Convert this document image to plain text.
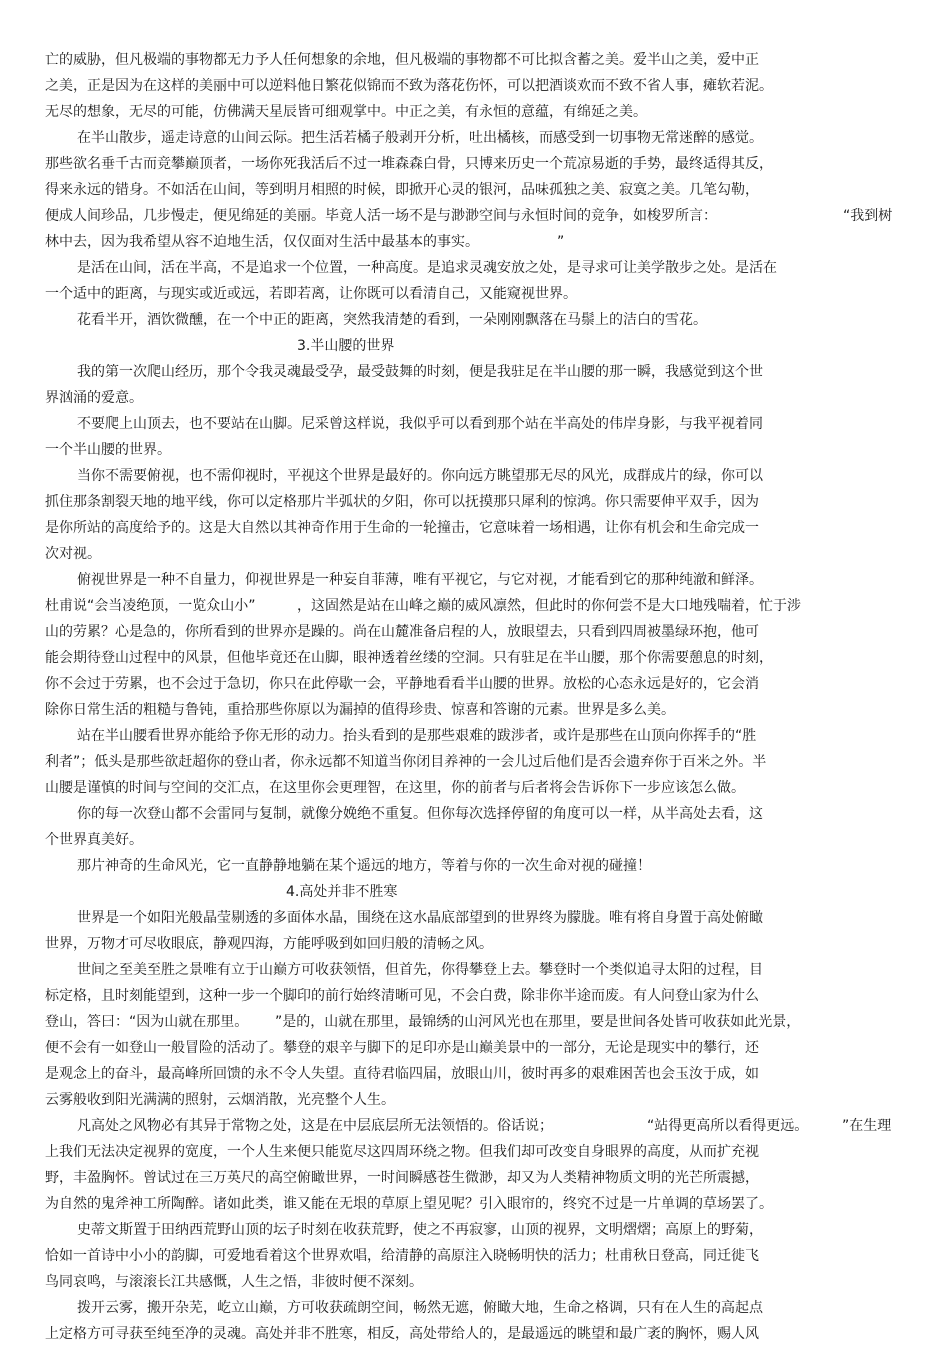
亡的威胁，但凡极端的事物都无力予人任何想象的余地，但凡极端的事物都不可比拟含蓄之美。爱半山之美，爱中正

之美，正是因为在这样的美丽中可以逆料他日繁花似锦而不致为落花伤怀，可以把酒谈欢而不致不省人事，瘫软若泥。

无尽的想象，无尽的可能，仿佛满天星辰皆可细观掌中。中正之美，有永恒的意蕴，有绵延之美。

在半山散步，遥走诗意的山间云际。把生活若橘子般剥开分析，吐出橘核，而感受到一切事物无常迷醉的感觉。

那些欲名垂千古而竞攀巅顶者，一场你死我活后不过一堆森森白骨，只博来历史一个荒凉易逝的手势，最终适得其反，

得来永远的错身。不如活在山间，等到明月相照的时候，即掀开心灵的银河，品味孤独之美、寂寞之美。几笔勾勒，

便成人间珍品，几步慢走，便见绵延的美丽。毕竟人活一场不是与渺渺空间与永恒时间的竞争，如梭罗所言：	“我到树

林中去，因为我希望从容不迫地生活，仅仅面对生活中最基本的事实。	”

是活在山间，活在半高，不是追求一个位置，一种高度。是追求灵魂安放之处，是寻求可让美学散步之处。是活在

一个适中的距离，与现实或近或远，若即若离，让你既可以看清自己，又能窥视世界。

花看半开，酒饮微醺，在一个中正的距离，突然我清楚的看到，一朵刚刚飘落在马鬃上的洁白的雪花。

3.半山腰的世界

我的第一次爬山经历，那个令我灵魂最受孕，最受鼓舞的时刻，便是我驻足在半山腰的那一瞬，我感觉到这个世

界汹涌的爱意。

不要爬上山顶去，也不要站在山脚。尼采曾这样说，我似乎可以看到那个站在半高处的伟岸身影，与我平视着同

一个半山腰的世界。

当你不需要俯视，也不需仰视时，平视这个世界是最好的。你向远方眺望那无尽的风光，成群成片的绿，你可以

抓住那条割裂天地的地平线，你可以定格那片半弧状的夕阳，你可以抚摸那只犀利的惊鸿。你只需要伸平双手，因为

是你所站的高度给予的。这是大自然以其神奇作用于生命的一轮撞击，它意味着一场相遇，让你有机会和生命完成一

次对视。

俯视世界是一种不自量力，仰视世界是一种妄自菲薄，唯有平视它，与它对视，才能看到它的那种纯澈和鲜泽。

杜甫说“会当凌绝顶，一览众山小”	，这固然是站在山峰之巅的威风凛然，但此时的你何尝不是大口地残喘着，忙于涉

山的劳累？心是急的，你所看到的世界亦是躁的。尚在山麓准备启程的人，放眼望去，只看到四周被墨绿环抱，他可

能会期待登山过程中的风景，但他毕竟还在山脚，眼神透着丝缕的空洞。只有驻足在半山腰，那个你需要憩息的时刻，

你不会过于劳累，也不会过于急切，你只在此停歇一会，平静地看看半山腰的世界。放松的心态永远是好的，它会消

除你日常生活的粗糙与鲁钝，重拾那些你原以为漏掉的值得珍贵、惊喜和答谢的元素。世界是多么美。

站在半山腰看世界亦能给予你无形的动力。抬头看到的是那些艰难的跋涉者，或许是那些在山顶向你挥手的“胜

利者”；低头是那些欲赶超你的登山者，你永远都不知道当你闭目养神的一会儿过后他们是否会遗弃你于百米之外。半

山腰是谨慎的时间与空间的交汇点，在这里你会更理智，在这里，你的前者与后者将会告诉你下一步应该怎么做。

你的每一次登山都不会雷同与复制，就像分娩绝不重复。但你每次选择停留的角度可以一样，从半高处去看，这

个世界真美好。

那片神奇的生命风光，它一直静静地躺在某个遥远的地方，等着与你的一次生命对视的碰撞！

4.高处并非不胜寒

世界是一个如阳光般晶莹剔透的多面体水晶，围绕在这水晶底部望到的世界终为朦胧。唯有将自身置于高处俯瞰

世界，万物才可尽收眼底，静观四海，方能呼吸到如回归般的清畅之风。

世间之至美至胜之景唯有立于山巅方可收获领悟，但首先，你得攀登上去。攀登时一个类似追寻太阳的过程，目

标定格，且时刻能望到，这种一步一个脚印的前行始终清晰可见，不会白费，除非你半途而废。有人问登山家为什么

登山，答曰：“因为山就在那里。 ”是的，山就在那里，最锦绣的山河风光也在那里，要是世间各处皆可收获如此光景，

便不会有一如登山一般冒险的活动了。攀登的艰辛与脚下的足印亦是山巅美景中的一部分，无论是现实中的攀行，还

是观念上的奋斗，最高峰所回馈的永不令人失望。直待君临四届，放眼山川，彼时再多的艰难困苦也会玉汝于成，如

云雾般收到阳光满满的照射，云烟消散，光亮整个人生。

凡高处之风物必有其异于常物之处，这是在中层底层所无法领悟的。俗话说；	“站得更高所以看得更远。 ”在生理

上我们无法决定视界的宽度，一个人生来便只能览尽这四周环绕之物。但我们却可改变自身眼界的高度，从而扩充视

野，丰盈胸怀。曾试过在三万英尺的高空俯瞰世界，一时间瞬感苍生微渺，却又为人类精神物质文明的光芒所震撼，

为自然的鬼斧神工所陶醉。诸如此类，谁又能在无垠的草原上望见呢？引入眼帘的，终究不过是一片单调的草场罢了。

史蒂文斯置于田纳西荒野山顶的坛子时刻在收获荒野，使之不再寂寥，山顶的视界，文明熠熠；高原上的野菊，

恰如一首诗中小小的韵脚，可爱地看着这个世界欢唱，给清静的高原注入晓畅明快的活力；杜甫秋日登高，同迁徙飞

鸟同哀鸣，与滚滚长江共感慨，人生之悟，非彼时便不深刻。

拨开云雾，搬开杂芜，屹立山巅，方可收获疏朗空间，畅然无遮，俯瞰大地，生命之格调，只有在人生的高起点

上定格方可寻获至纯至净的灵魂。高处并非不胜寒，相反，高处带给人的，是最遥远的眺望和最广袤的胸怀，赐人风
